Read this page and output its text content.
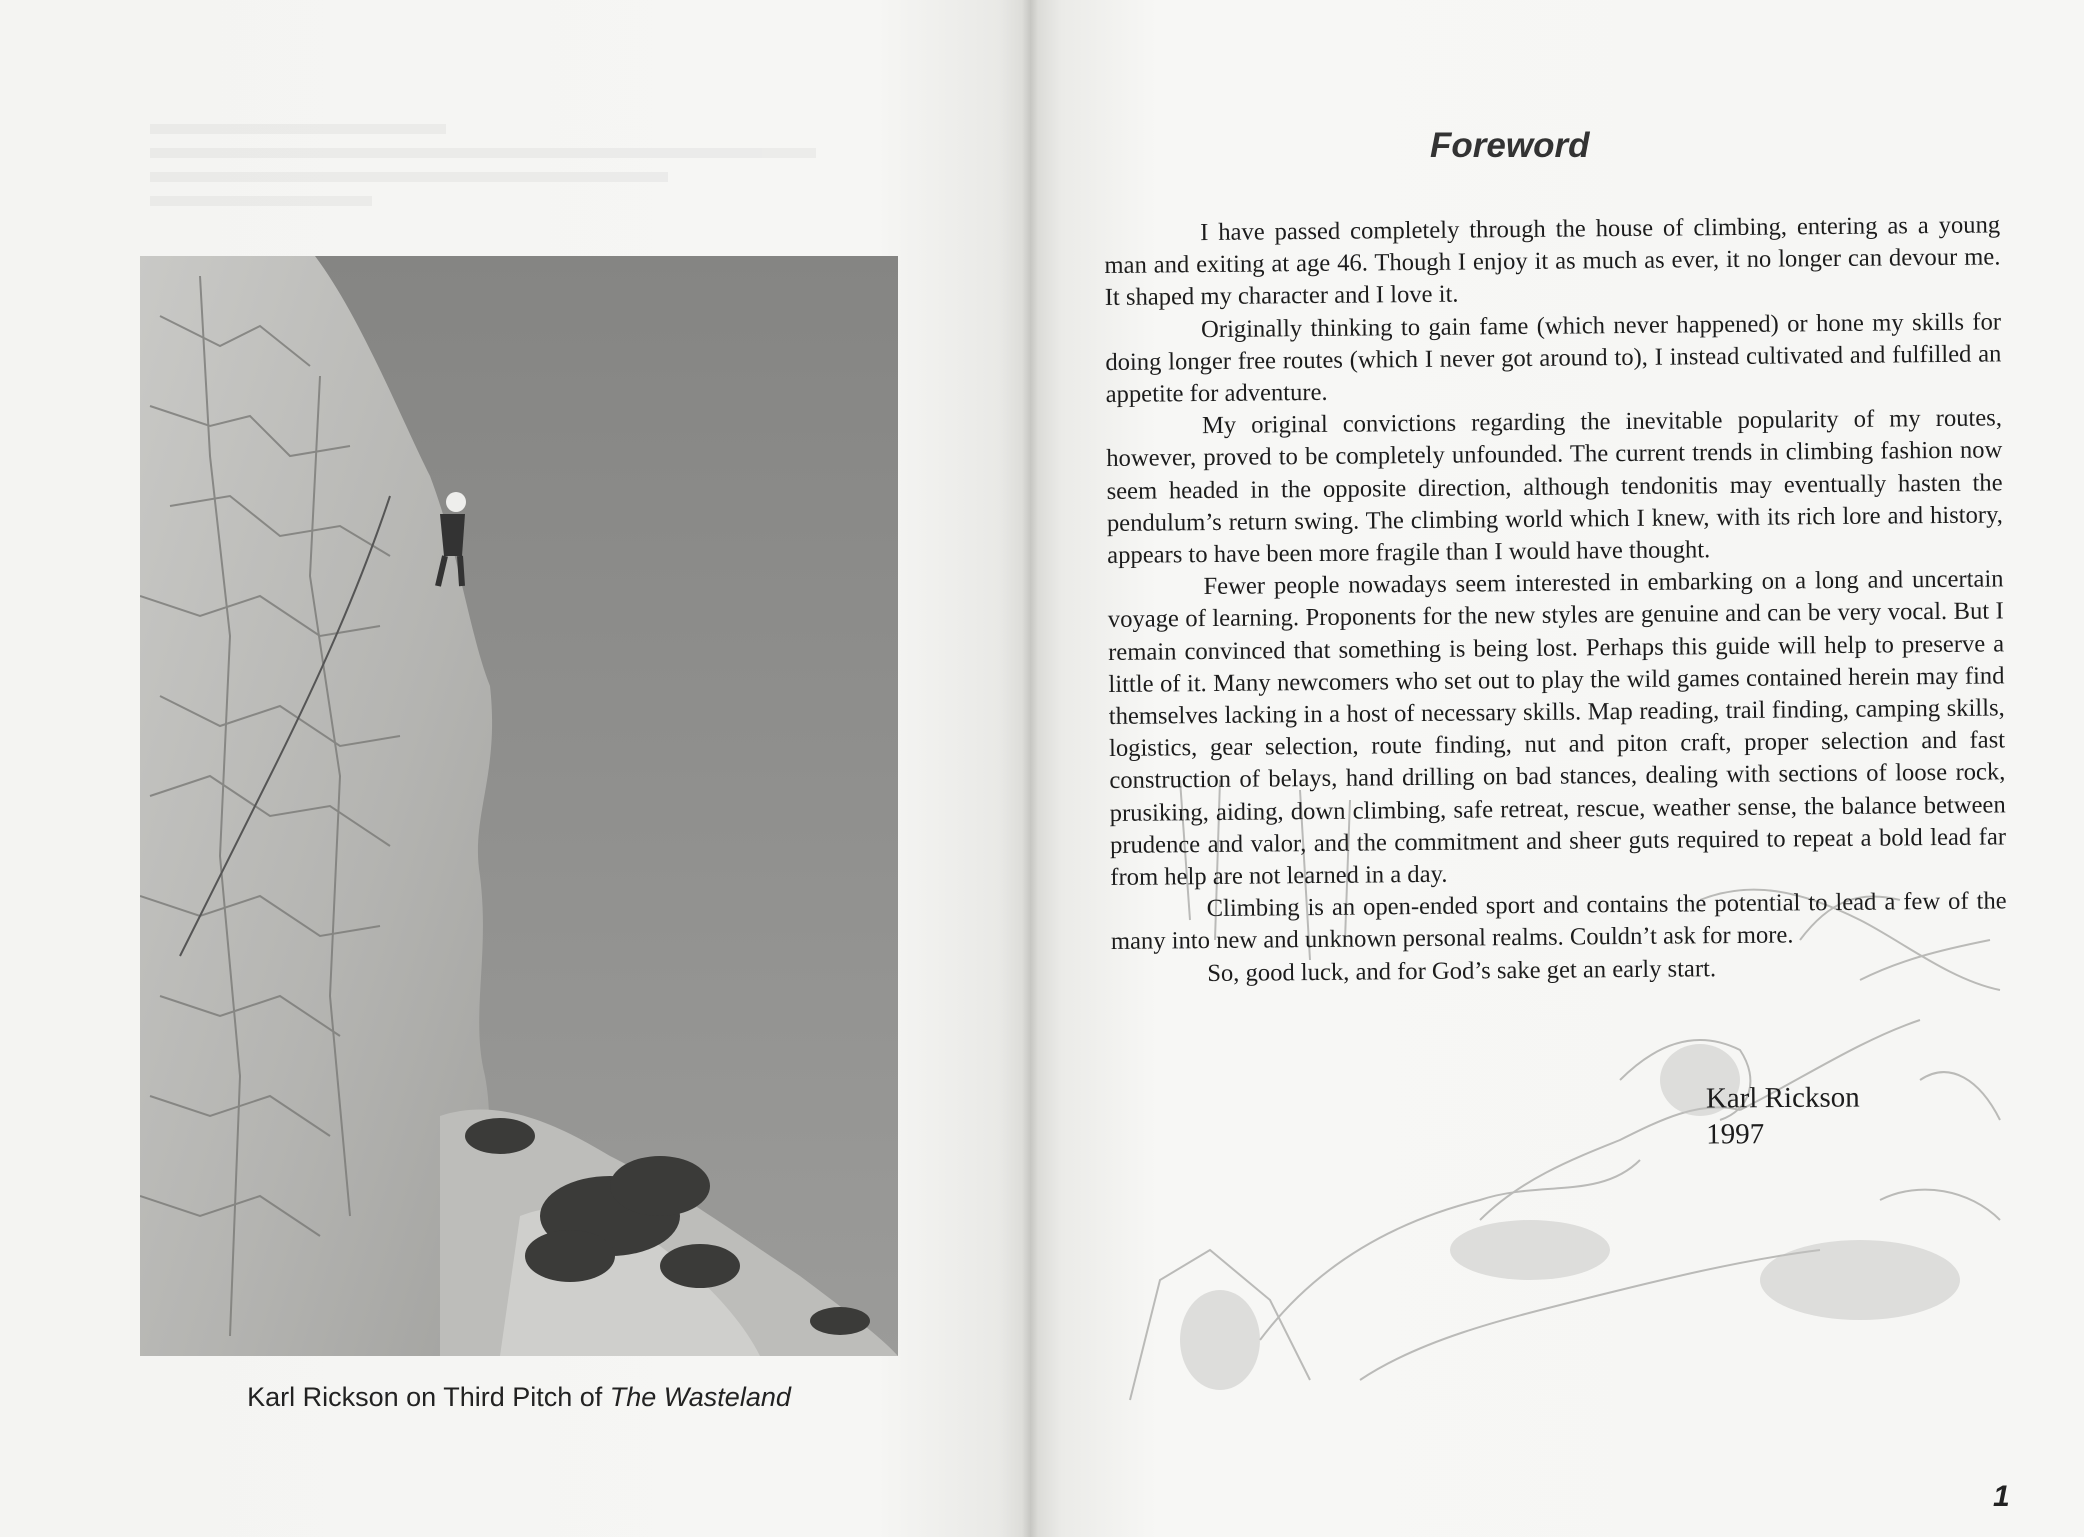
Karl Rickson on Third Pitch of The Wasteland
Foreword

I have passed completely through the house of climbing, entering as a young man and exiting at age 46. Though I enjoy it as much as ever, it no longer can devour me. It shaped my character and I love it.

Originally thinking to gain fame (which never happened) or hone my skills for doing longer free routes (which I never got around to), I instead cultivated and fulfilled an appetite for adventure.

My original convictions regarding the inevitable popularity of my routes, however, proved to be completely unfounded. The current trends in climbing fashion now seem headed in the opposite direction, although tendonitis may eventually hasten the pendulum’s return swing. The climbing world which I knew, with its rich lore and history, appears to have been more fragile than I would have thought.

Fewer people nowadays seem interested in embarking on a long and uncertain voyage of learning. Proponents for the new styles are genuine and can be very vocal. But I remain convinced that something is being lost. Perhaps this guide will help to preserve a little of it. Many newcomers who set out to play the wild games contained herein may find themselves lacking in a host of necessary skills. Map reading, trail finding, camping skills, logistics, gear selection, route finding, nut and piton craft, proper selection and fast construction of belays, hand drilling on bad stances, dealing with sections of loose rock, prusiking, aiding, down climbing, safe retreat, rescue, weather sense, the balance between prudence and valor, and the commitment and sheer guts required to repeat a bold lead far from help are not learned in a day.

Climbing is an open-ended sport and contains the potential to lead a few of the many into new and unknown personal realms. Couldn’t ask for more.

So, good luck, and for God’s sake get an early start.

Karl Rickson
1997
1
